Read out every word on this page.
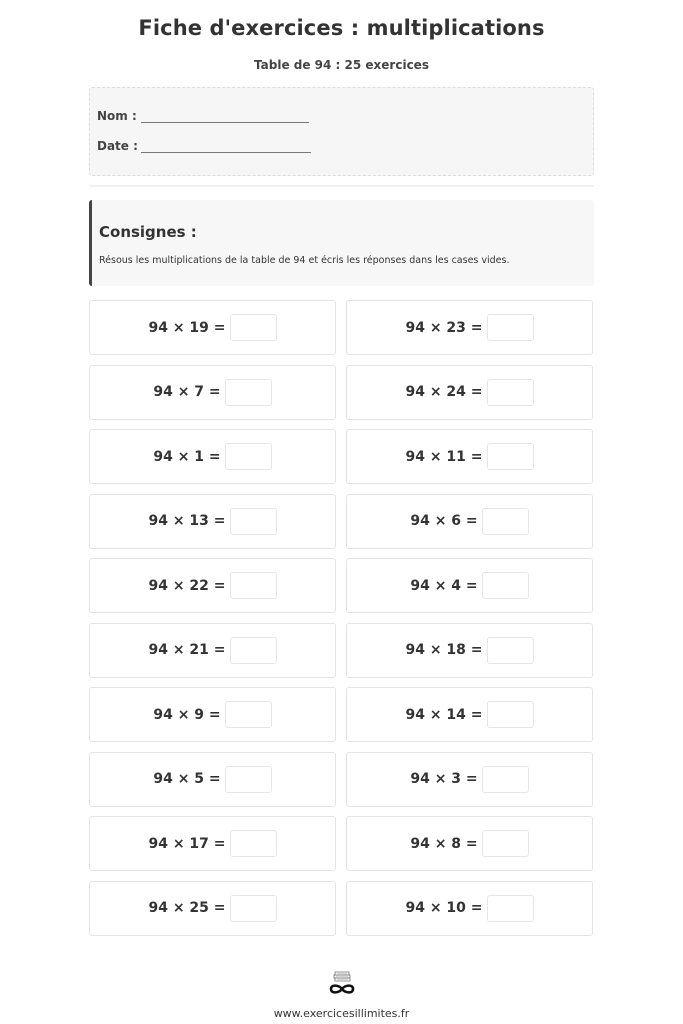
Fiche d'exercices : multiplications
Table de 94 : 25 exercices
Nom :
Date :
Consignes :
Résous les multiplications de la table de 94 et écris les réponses dans les cases vides.
94 × 19 =	94 × 23 =
94 × 7 =	94 × 24 =
94 × 1 =	94 × 11 =
94 × 13 =	94 × 6 =
94 × 22 =	94 × 4 =
94 × 21 =	94 × 18 =
94 × 9 =	94 × 14 =
94 × 5 =	94 × 3 =
94 × 17 =	94 × 8 =
94 × 25 =	94 × 10 =
www.exercicesillimites.fr
